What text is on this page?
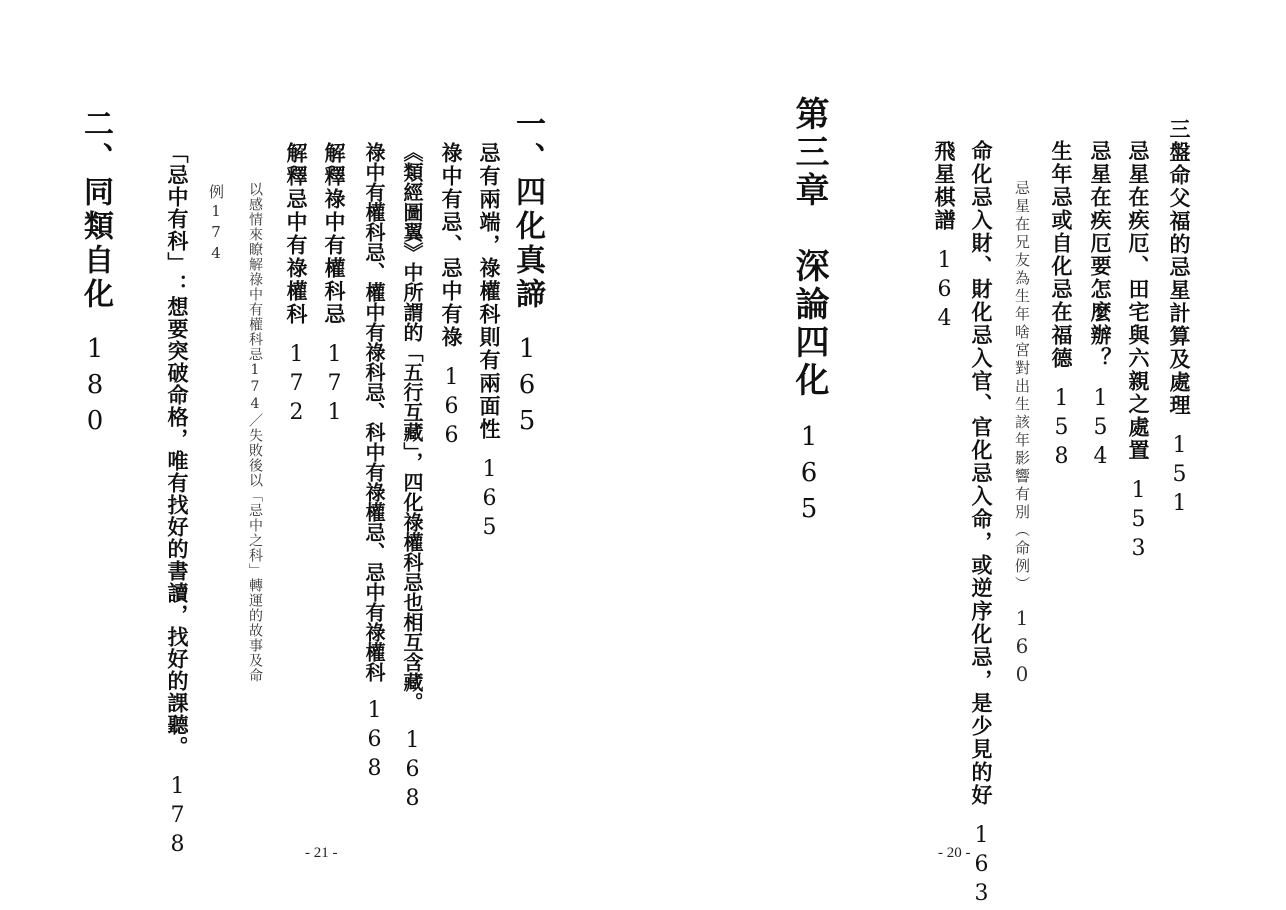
三盤命父福的忌星計算及處理151
忌星在疾厄、田宅與六親之處置153
忌星在疾厄要怎麼辦？154
生年忌或自化忌在福德158
忌星在兄友為生年啥宮對出生該年影響有別（命例）160
命化忌入財、財化忌入官、官化忌入命，或逆序化忌，是少見的好163
飛星棋譜164
第三章　深論四化165
- 20 -
一、四化真諦165
忌有兩端，祿權科則有兩面性165
祿中有忌、忌中有祿166
《類經圖翼》中所謂的「五行互藏」，四化祿權科忌也相互含藏。168
祿中有權科忌、權中有祿科忌、科中有祿權忌、忌中有祿權科168
解釋祿中有權科忌171
解釋忌中有祿權科172
以感情來瞭解祿中有權科忌174／失敗後以「忌中之科」轉運的故事及命
例174
「忌中有科」：想要突破命格，唯有找好的書讀，找好的課聽。178
二、同類自化180
- 21 -
